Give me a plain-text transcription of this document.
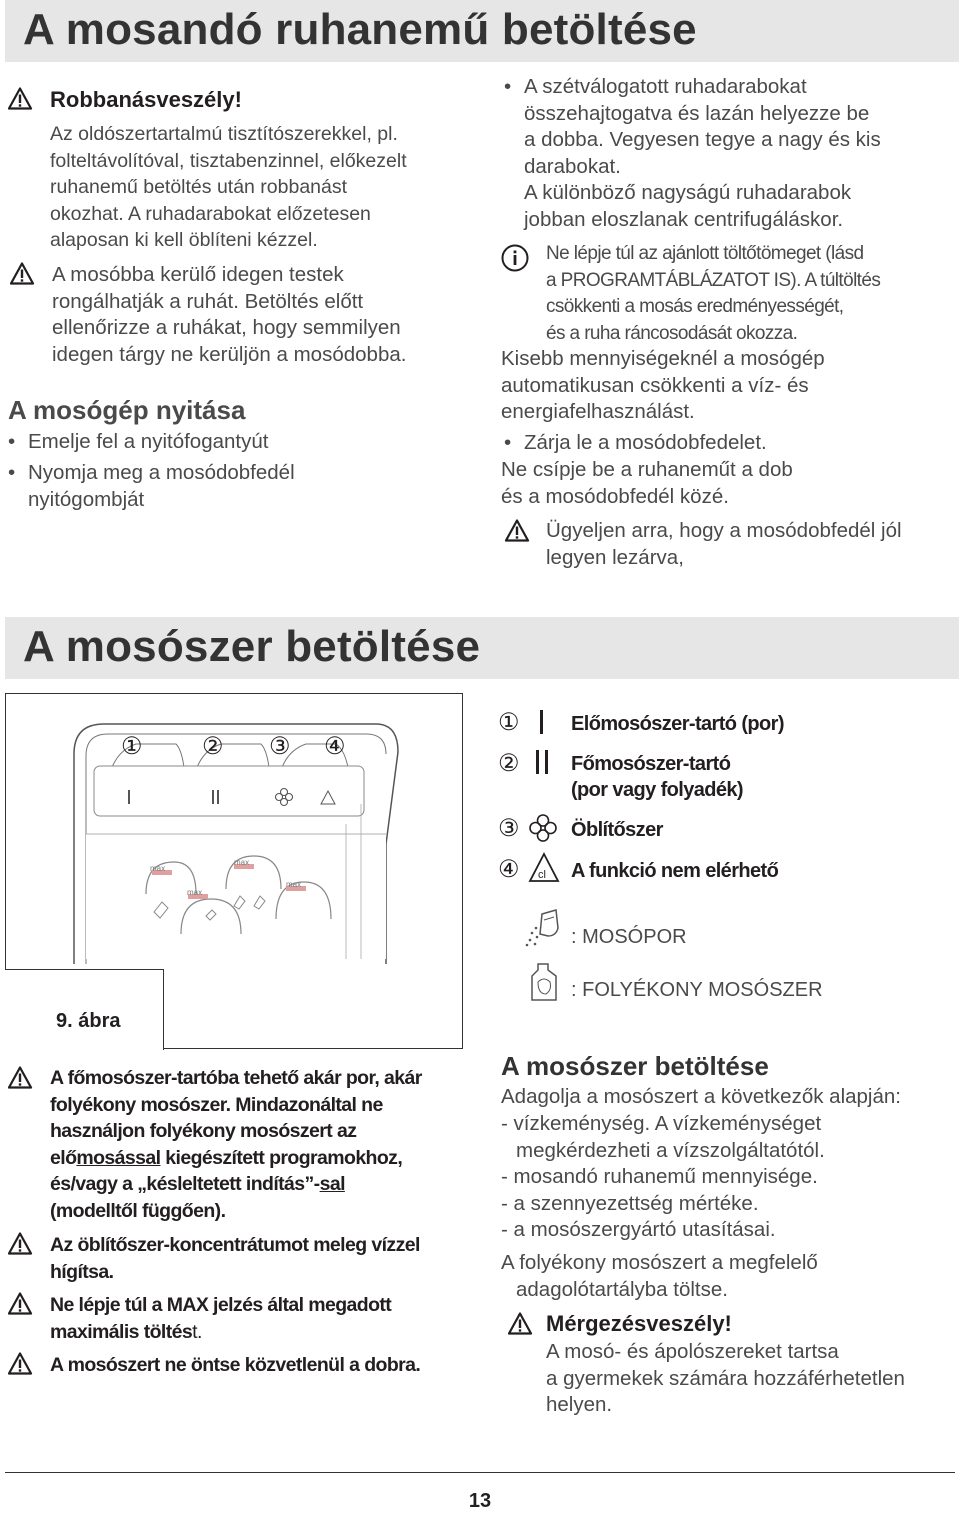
A mosandó ruhanemű betöltése
Robbanásveszély!
Az oldószertartalmú tisztítószerekkel, pl.
folteltávolítóval, tisztabenzinnel, előkezelt
ruhanemű betöltés után robbanást
okozhat. A ruhadarabokat előzetesen
alaposan ki kell öblíteni kézzel.
A mosóbba kerülő idegen testek
rongálhatják a ruhát. Betöltés előtt
ellenőrizze a ruhákat, hogy semmilyen
idegen tárgy ne kerüljön a mosódobba.
A mosógép nyitása
• Emelje fel a nyitófogantyút
• Nyomja meg a mosódobfedél
nyitógombját
• A szétválogatott ruhadarabokat
összehajtogatva és lazán helyezze be
a dobba. Vegyesen tegye a nagy és kis
darabokat.
A különböző nagyságú ruhadarabok
jobban eloszlanak centrifugáláskor.
Ne lépje túl az ajánlott töltőtömeget (lásd
a PROGRAMTÁBLÁZATOT IS). A túltöltés
csökkenti a mosás eredményességét,
és a ruha ráncosodását okozza.
Kisebb mennyiségeknél a mosógép
automatikusan csökkenti a víz- és
energiafelhasználást.
• Zárja le a mosódobfedelet.
Ne csípje be a ruhaneműt a dob
és a mosódobfedél közé.
Ügyeljen arra, hogy a mosódobfedél jól
legyen lezárva,
A mosószer betöltése
max
max
max
max
① ② ③ ④
9. ábra
①	Előmosószer-tartó (por)
②	Főmosószer-tartó
(por vagy folyadék)
③	Öblítőszer
④ cl A funkció nem elérhető
: MOSÓPOR
: FOLYÉKONY MOSÓSZER
A főmosószer-tartóba tehető akár por, akár
folyékony mosószer. Mindazonáltal ne
használjon folyékony mosószert az
előmosással kiegészített programokhoz,
és/vagy a „késleltetett indítás”-sal
(modelltől függően).
Az öblítőszer-koncentrátumot meleg vízzel
hígítsa.
Ne lépje túl a MAX jelzés által megadott
maximális töltést.
A mosószert ne öntse közvetlenül a dobra.
A mosószer betöltése
Adagolja a mosószert a következők alapján:
- vízkeménység. A vízkeménységet
megkérdezheti a vízszolgáltatótól.
- mosandó ruhanemű mennyisége.
- a szennyezettség mértéke.
- a mosószergyártó utasításai.
A folyékony mosószert a megfelelő
adagolótartályba töltse.
Mérgezésveszély!
A mosó- és ápolószereket tartsa
a gyermekek számára hozzáférhetetlen
helyen.
13
